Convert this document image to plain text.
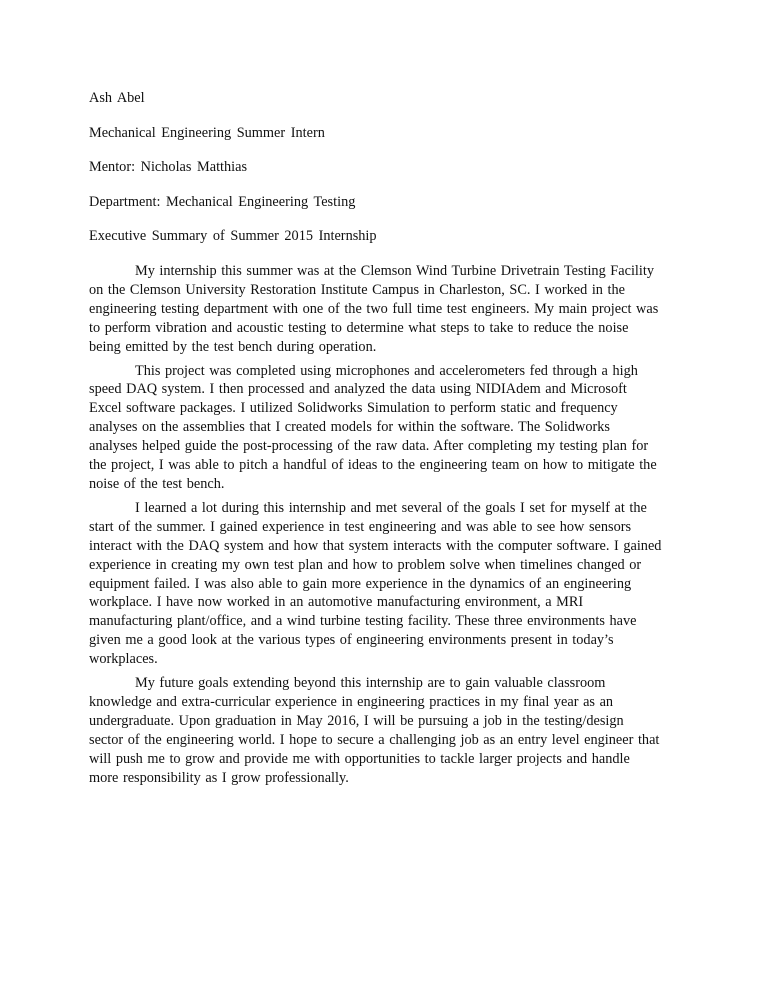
Ash Abel
Mechanical Engineering Summer Intern
Mentor: Nicholas Matthias
Department: Mechanical Engineering Testing
Executive Summary of Summer 2015 Internship
My internship this summer was at the Clemson Wind Turbine Drivetrain Testing Facility
on the Clemson University Restoration Institute Campus in Charleston, SC. I worked in the
engineering testing department with one of the two full time test engineers. My main project was
to perform vibration and acoustic testing to determine what steps to take to reduce the noise
being emitted by the test bench during operation.
This project was completed using microphones and accelerometers fed through a high
speed DAQ system. I then processed and analyzed the data using NIDIAdem and Microsoft
Excel software packages. I utilized Solidworks Simulation to perform static and frequency
analyses on the assemblies that I created models for within the software. The Solidworks
analyses helped guide the post-processing of the raw data. After completing my testing plan for
the project, I was able to pitch a handful of ideas to the engineering team on how to mitigate the
noise of the test bench.
I learned a lot during this internship and met several of the goals I set for myself at the
start of the summer. I gained experience in test engineering and was able to see how sensors
interact with the DAQ system and how that system interacts with the computer software. I gained
experience in creating my own test plan and how to problem solve when timelines changed or
equipment failed. I was also able to gain more experience in the dynamics of an engineering
workplace. I have now worked in an automotive manufacturing environment, a MRI
manufacturing plant/office, and a wind turbine testing facility. These three environments have
given me a good look at the various types of engineering environments present in today’s
workplaces.
My future goals extending beyond this internship are to gain valuable classroom
knowledge and extra-curricular experience in engineering practices in my final year as an
undergraduate. Upon graduation in May 2016, I will be pursuing a job in the testing/design
sector of the engineering world. I hope to secure a challenging job as an entry level engineer that
will push me to grow and provide me with opportunities to tackle larger projects and handle
more responsibility as I grow professionally.
